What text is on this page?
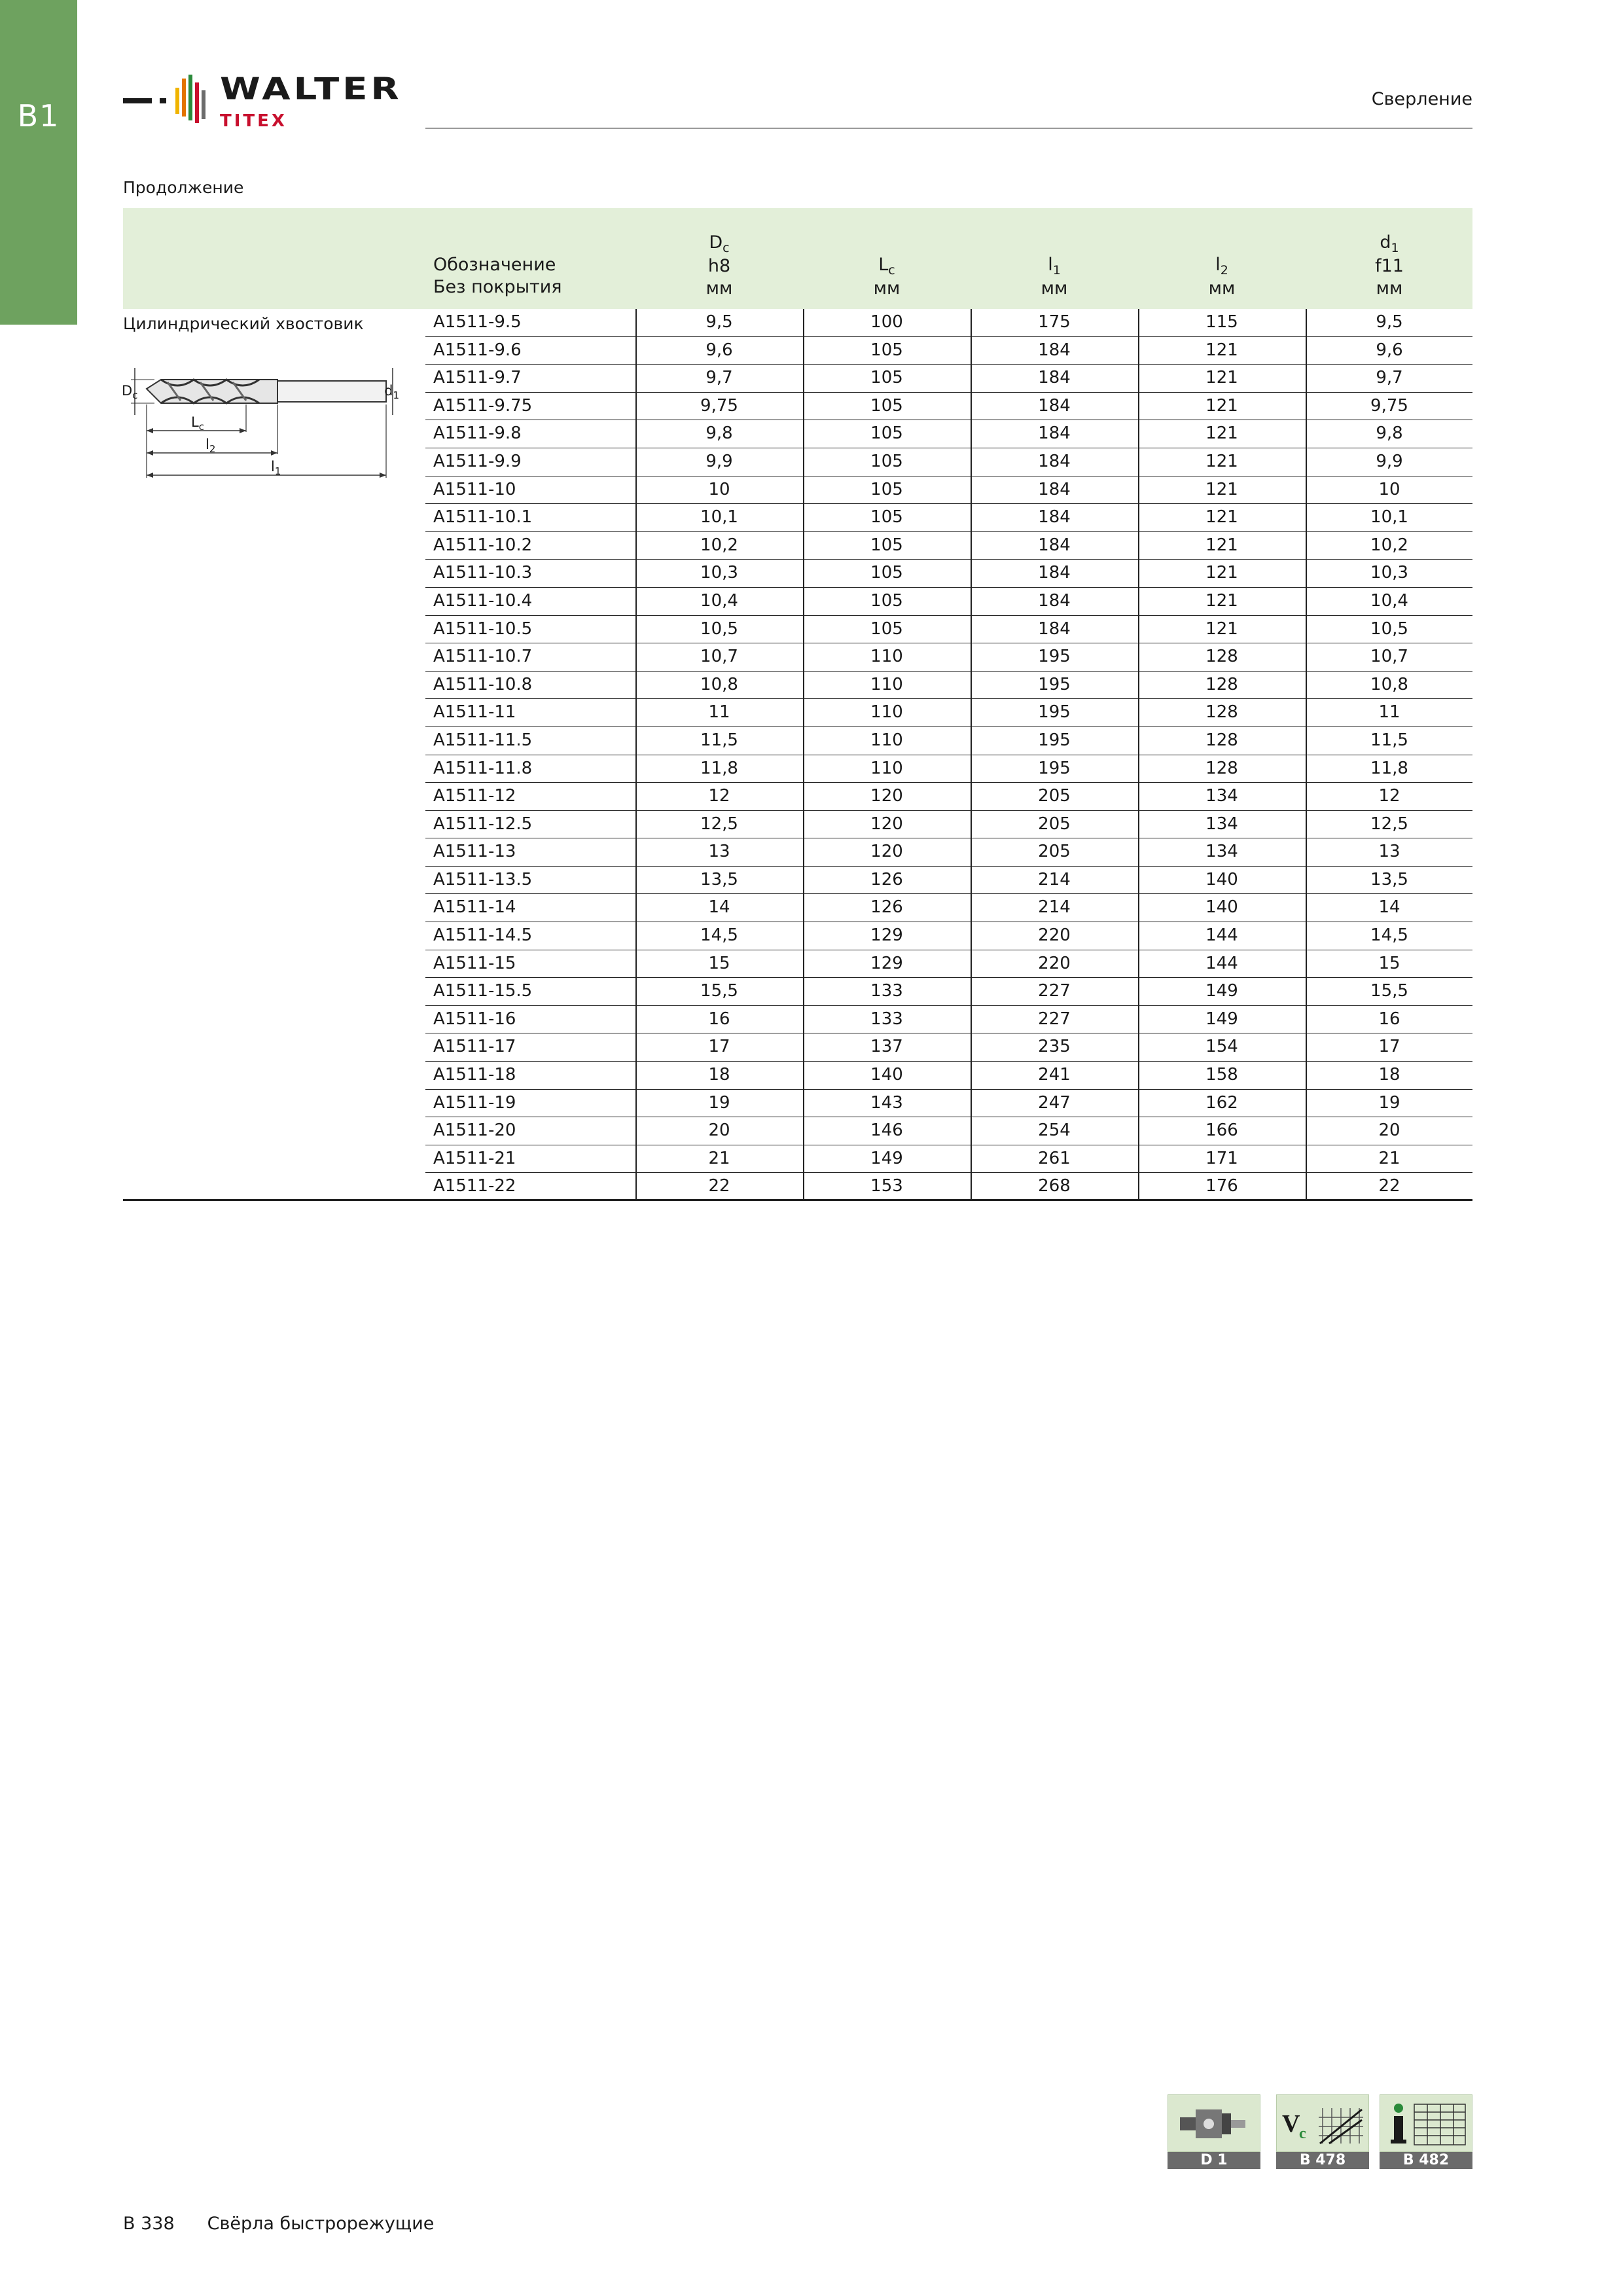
B1
WALTER
TITEX
Сверление
Продолжение
Обозначение
Без покрытия
$D_c$
h8
мм
$L_c$
мм
$l_1$
мм
$l_2$
мм
$d_1$
f11
мм
Цилиндрический хвостовик
$D_c$	$d_1$
$L_c$
$l_2$
$l_1$
A1511-9.5	9,5	100	175	115	9,5
A1511-9.6	9,6	105	184	121	9,6
A1511-9.7	9,7	105	184	121	9,7
A1511-9.75	9,75	105	184	121	9,75
A1511-9.8	9,8	105	184	121	9,8
A1511-9.9	9,9	105	184	121	9,9
A1511-10	10	105	184	121	10
A1511-10.1	10,1	105	184	121	10,1
A1511-10.2	10,2	105	184	121	10,2
A1511-10.3	10,3	105	184	121	10,3
A1511-10.4	10,4	105	184	121	10,4
A1511-10.5	10,5	105	184	121	10,5
A1511-10.7	10,7	110	195	128	10,7
A1511-10.8	10,8	110	195	128	10,8
A1511-11	11	110	195	128	11
A1511-11.5	11,5	110	195	128	11,5
A1511-11.8	11,8	110	195	128	11,8
A1511-12	12	120	205	134	12
A1511-12.5	12,5	120	205	134	12,5
A1511-13	13	120	205	134	13
A1511-13.5	13,5	126	214	140	13,5
A1511-14	14	126	214	140	14
A1511-14.5	14,5	129	220	144	14,5
A1511-15	15	129	220	144	15
A1511-15.5	15,5	133	227	149	15,5
A1511-16	16	133	227	149	16
A1511-17	17	137	235	154	17
A1511-18	18	140	241	158	18
A1511-19	19	143	247	162	19
A1511-20	20	146	254	166	20
A1511-21	21	149	261	171	21
A1511-22	22	153	268	176	22
D 1
V
c
B 478	B 482
B 338 Свёрла быстрорежущие
